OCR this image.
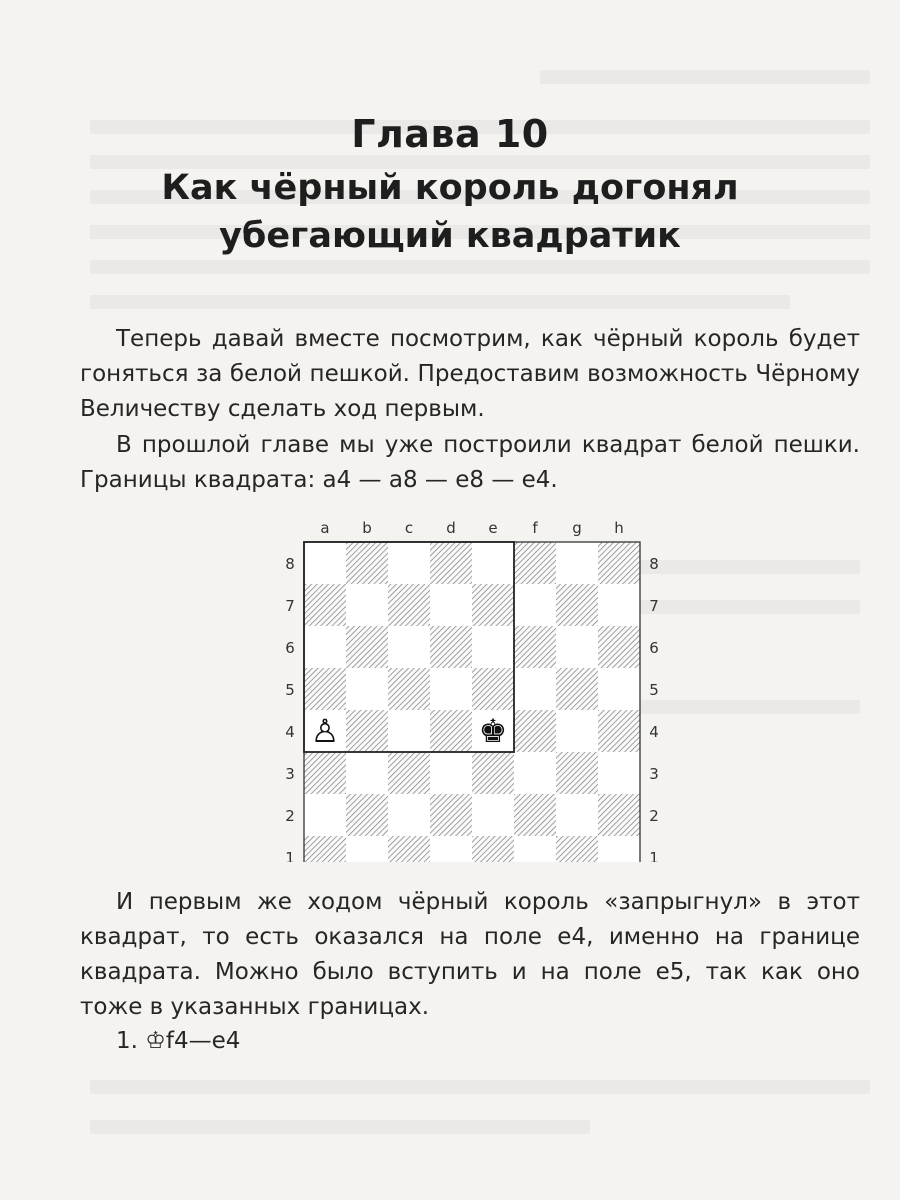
Глава 10
Как чёрный король догонял
убегающий квадратик
Теперь давай вместе посмотрим, как чёрный король будет гоняться за белой пешкой. Предоставим возможность Чёрному Величеству сделать ход первым.
В прошлой главе мы уже построили квадрат белой пешки. Границы квадрата: а4 — а8 — е8 — е4.
a b c d e f g h
8	8
7	7
6	6
5	5
4	4
3	3
2	2
1	1
♙	♚
И первым же ходом чёрный король «запрыгнул» в этот квадрат, то есть оказался на поле е4, именно на границе квадрата. Можно было вступить и на поле е5, так как оно тоже в указанных границах.
1. ♔f4—e4
